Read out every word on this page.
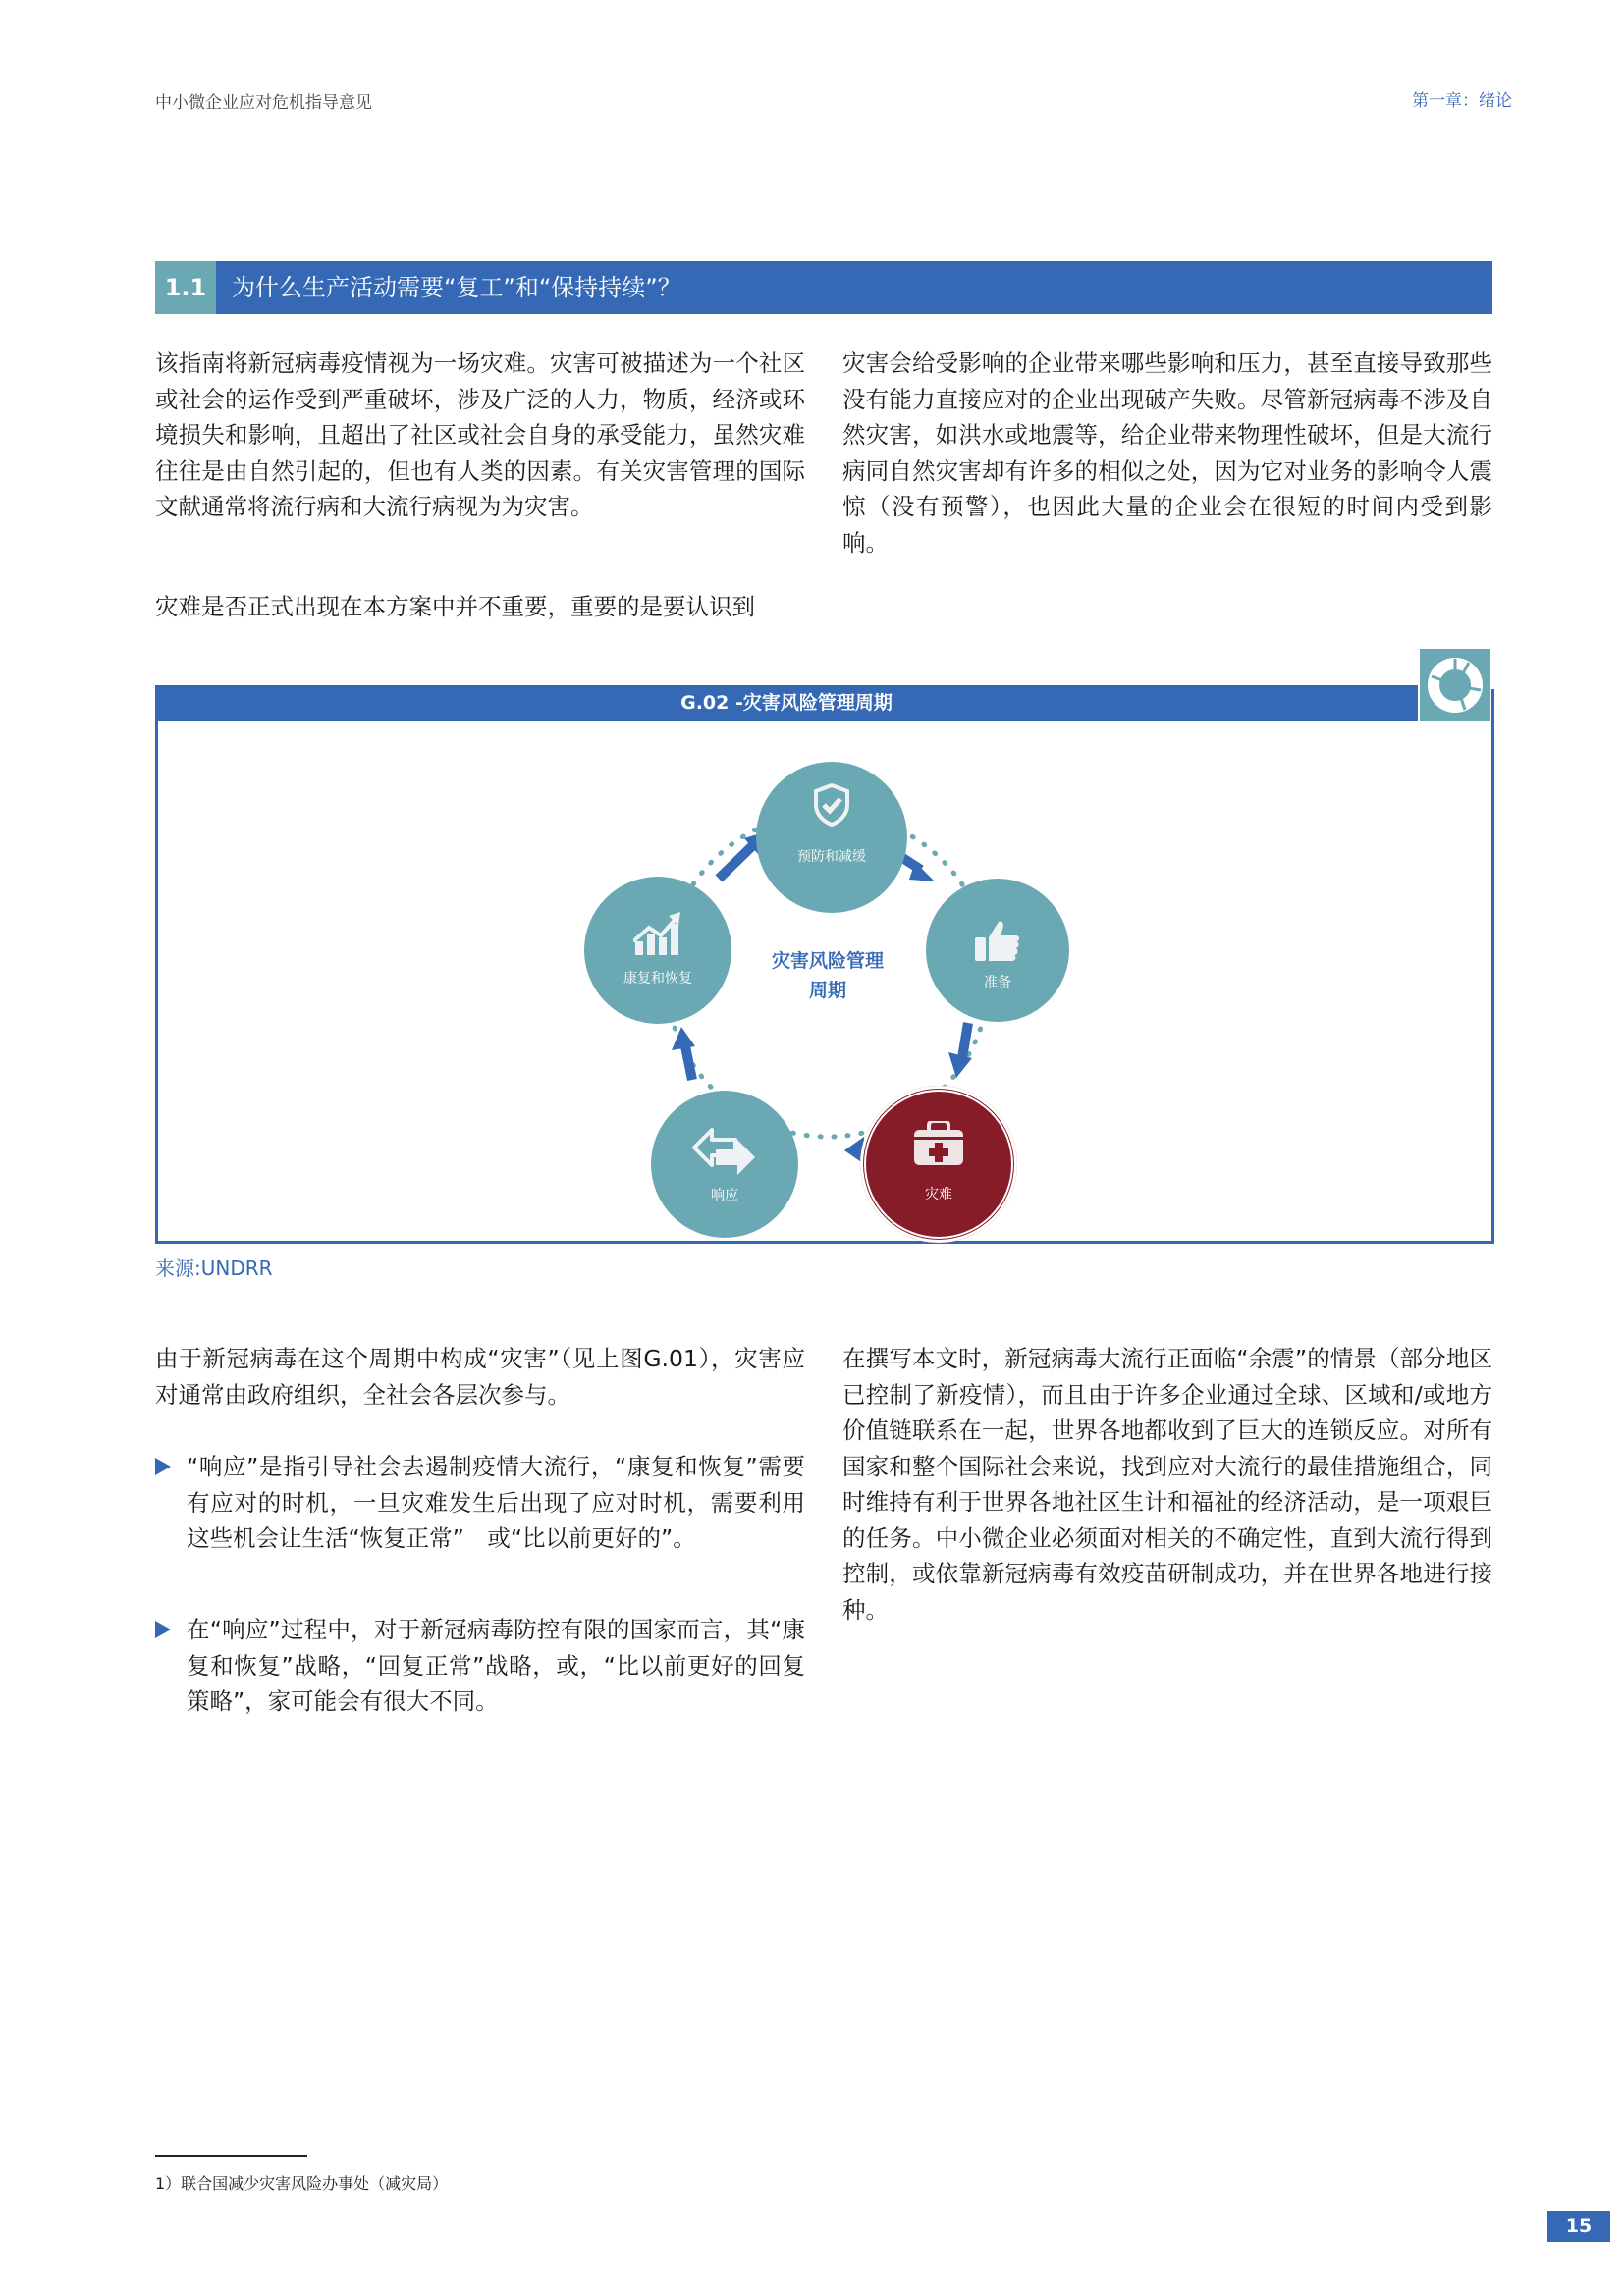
中小微企业应对危机指导意见	第一章：绪论
1.1	为什么生产活动需要“复工”和“保持持续”？
该指南将新冠病毒疫情视为一场灾难。灾害可被描述为一个社区或社会的运作受到严重破坏，涉及广泛的人力，物质，经济或环境损失和影响，且超出了社区或社会自身的承受能力，虽然灾难往往是由自然引起的，但也有人类的因素。有关灾害管理的国际文献通常将流行病和大流行病视为为灾害。
灾难是否正式出现在本方案中并不重要，重要的是要认识到
灾害会给受影响的企业带来哪些影响和压力，甚至直接导致那些没有能力直接应对的企业出现破产失败。尽管新冠病毒不涉及自然灾害，如洪水或地震等，给企业带来物理性破坏，但是大流行病同自然灾害却有许多的相似之处，因为它对业务的影响令人震惊（没有预警），也因此大量的企业会在很短的时间内受到影响。
G.02 -灾害风险管理周期
预防和减缓
准备
灾难
响应
康复和恢复
灾害风险管理
周期
来源:UNDRR
由于新冠病毒在这个周期中构成“灾害”（见上图G.01），灾害应对通常由政府组织，全社会各层次参与。
“响应”是指引导社会去遏制疫情大流行，“康复和恢复”需要有应对的时机，一旦灾难发生后出现了应对时机，需要利用这些机会让生活“恢复正常”　或“比以前更好的”。
在“响应”过程中，对于新冠病毒防控有限的国家而言，其“康复和恢复”战略，“回复正常”战略，或，“比以前更好的回复策略”，家可能会有很大不同。
在撰写本文时，新冠病毒大流行正面临“余震”的情景（部分地区已控制了新疫情），而且由于许多企业通过全球、区域和/或地方价值链联系在一起，世界各地都收到了巨大的连锁反应。对所有国家和整个国际社会来说，找到应对大流行的最佳措施组合，同时维持有利于世界各地社区生计和福祉的经济活动，是一项艰巨的任务。中小微企业必须面对相关的不确定性，直到大流行得到控制，或依靠新冠病毒有效疫苗研制成功，并在世界各地进行接种。
1）联合国减少灾害风险办事处（减灾局）
15
